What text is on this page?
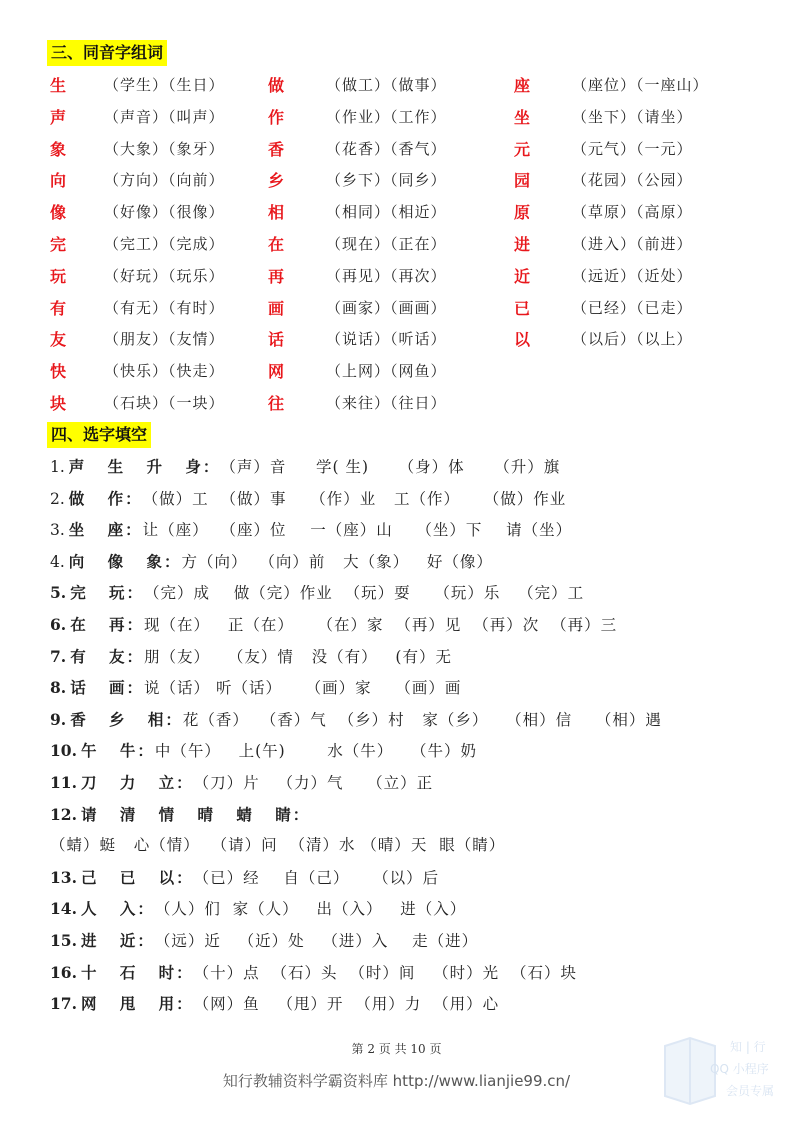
三、同音字组词
生	（学生）（生日）	做	（做工）（做事）	座	（座位）（一座山）
声	（声音）（叫声）	作	（作业）（工作）	坐	（坐下）（请坐）
象	（大象）（象牙）	香	（花香）（香气）	元	（元气）（一元）
向	（方向）（向前）	乡	（乡下）（同乡）	园	（花园）（公园）
像	（好像）（很像）	相	（相同）（相近）	原	（草原）（高原）
完	（完工）（完成）	在	（现在）（正在）	进	（进入）（前进）
玩	（好玩）（玩乐）	再	（再见）（再次）	近	（远近）（近处）
有	（有无）（有时）	画	（画家）（画画）	已	（已经）（已走）
友	（朋友）（友情）	话	（说话）（听话）	以	（以后）（以上）
快	（快乐）（快走）	网	（上网）（网鱼）
块	（石块）（一块）	往	（来往）（往日）
四、选字填空
1. 声 生 升 身：（声）音     学( 生)     （身）体     （升）旗
2. 做 作：（做）工  （做）事    （作）业   工（作）    （做）作业
3. 坐 座：让（座）  （座）位    一（座）山    （坐）下    请（坐）
4. 向 像 象：方（向）  （向）前   大（象）   好（像）
5. 完 玩：（完）成    做（完）作业  （玩）耍    （玩）乐   （完）工
6. 在 再：现（在）   正（在）    （在）家  （再）见  （再）次  （再）三
7. 有 友：朋（友）   （友）情   没（有）   (有）无
8. 话 画：说（话） 听（话）    （画）家    （画）画
9. 香 乡 相：花（香）  （香）气  （乡）村   家（乡）   （相）信    （相）遇
10. 午 牛：中（午）   上(午)       水（牛）   （牛）奶
11. 刀 力 立：（刀）片   （力）气    （立）正
12. 请 清 情 晴 蜻 睛：
（蜻）蜓   心（情）  （请）问  （清）水 （晴）天  眼（睛）
13. 己 已 以：（已）经    自（己）    （以）后
14. 人 入：（人）们  家（人）   出（入）   进（入）
15. 进 近：（远）近   （近）处   （进）入    走（进）
16. 十 石 时：（十）点  （石）头  （时）间   （时）光  （石）块
17. 网 甩 用：（网）鱼   （甩）开  （用）力  （用）心
第 2 页 共 10 页
知行教辅资料学霸资料库 http://www.lianjie99.cn/
知 | 行
QQ 小程序
会员专属
